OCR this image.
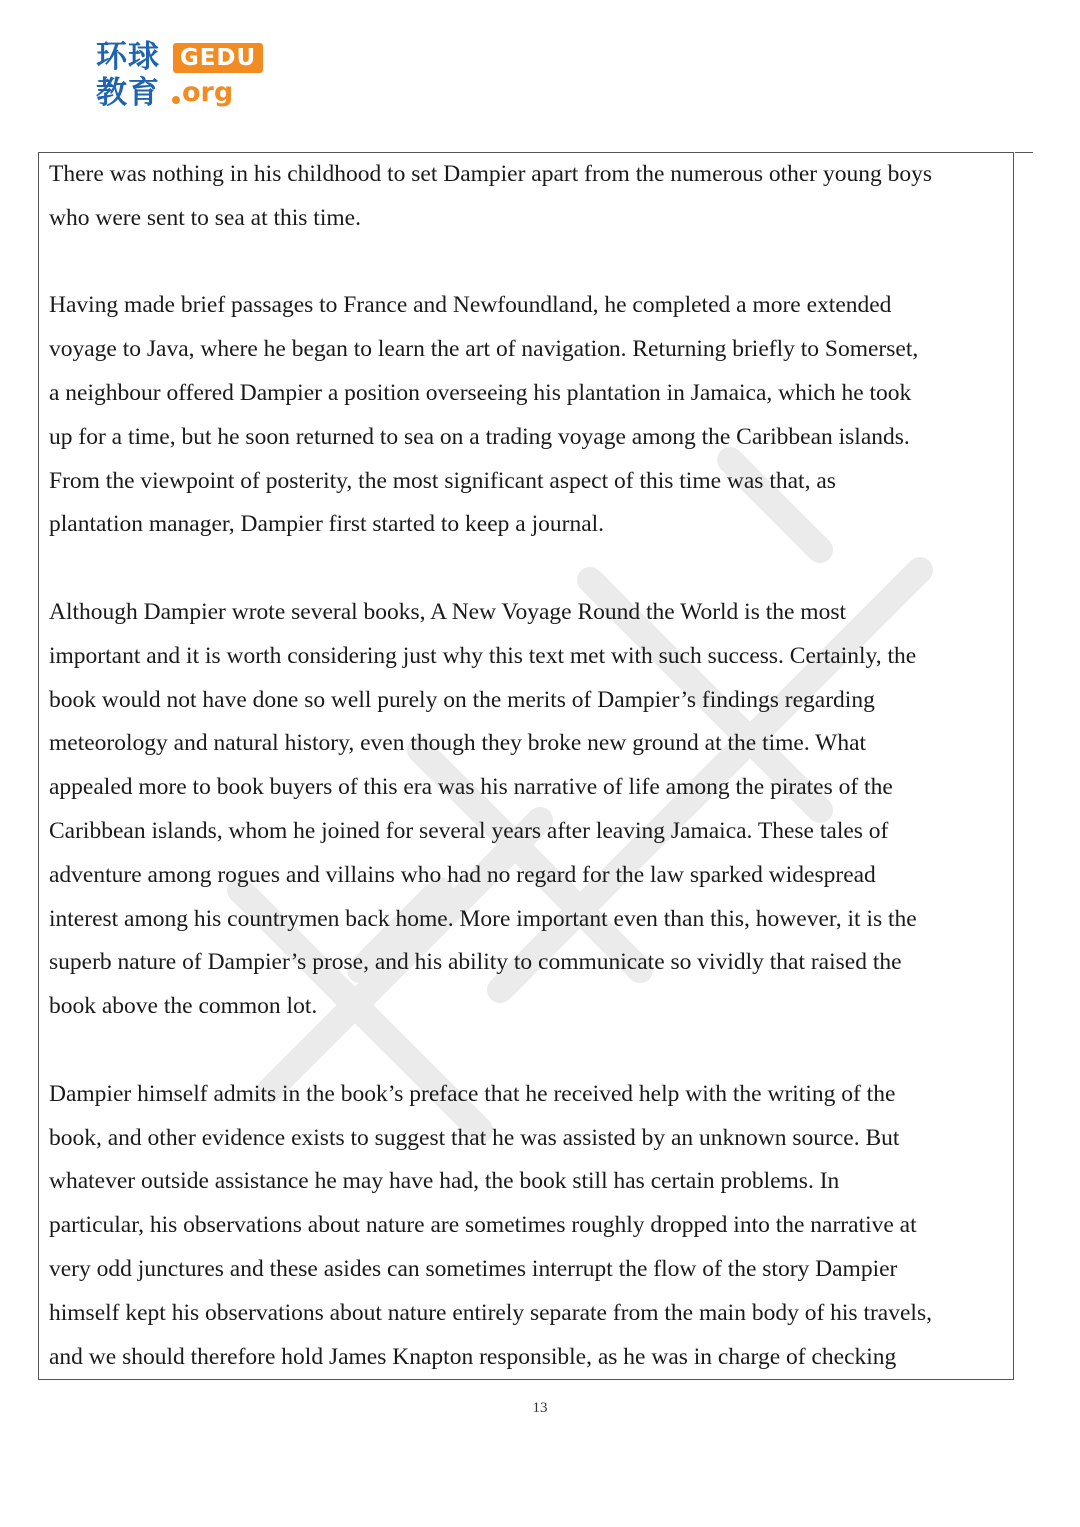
环球 GEDU
教育 org

There was nothing in his childhood to set Dampier apart from the numerous other young boys
who were sent to sea at this time.

Having made brief passages to France and Newfoundland, he completed a more extended
voyage to Java, where he began to learn the art of navigation. Returning briefly to Somerset,
a neighbour offered Dampier a position overseeing his plantation in Jamaica, which he took
up for a time, but he soon returned to sea on a trading voyage among the Caribbean islands.
From the viewpoint of posterity, the most significant aspect of this time was that, as
plantation manager, Dampier first started to keep a journal.

Although Dampier wrote several books, A New Voyage Round the World is the most
important and it is worth considering just why this text met with such success. Certainly, the
book would not have done so well purely on the merits of Dampier’s findings regarding
meteorology and natural history, even though they broke new ground at the time. What
appealed more to book buyers of this era was his narrative of life among the pirates of the
Caribbean islands, whom he joined for several years after leaving Jamaica. These tales of
adventure among rogues and villains who had no regard for the law sparked widespread
interest among his countrymen back home. More important even than this, however, it is the
superb nature of Dampier’s prose, and his ability to communicate so vividly that raised the
book above the common lot.

Dampier himself admits in the book’s preface that he received help with the writing of the
book, and other evidence exists to suggest that he was assisted by an unknown source. But
whatever outside assistance he may have had, the book still has certain problems. In
particular, his observations about nature are sometimes roughly dropped into the narrative at
very odd junctures and these asides can sometimes interrupt the flow of the story Dampier
himself kept his observations about nature entirely separate from the main body of his travels,
and we should therefore hold James Knapton responsible, as he was in charge of checking

13
